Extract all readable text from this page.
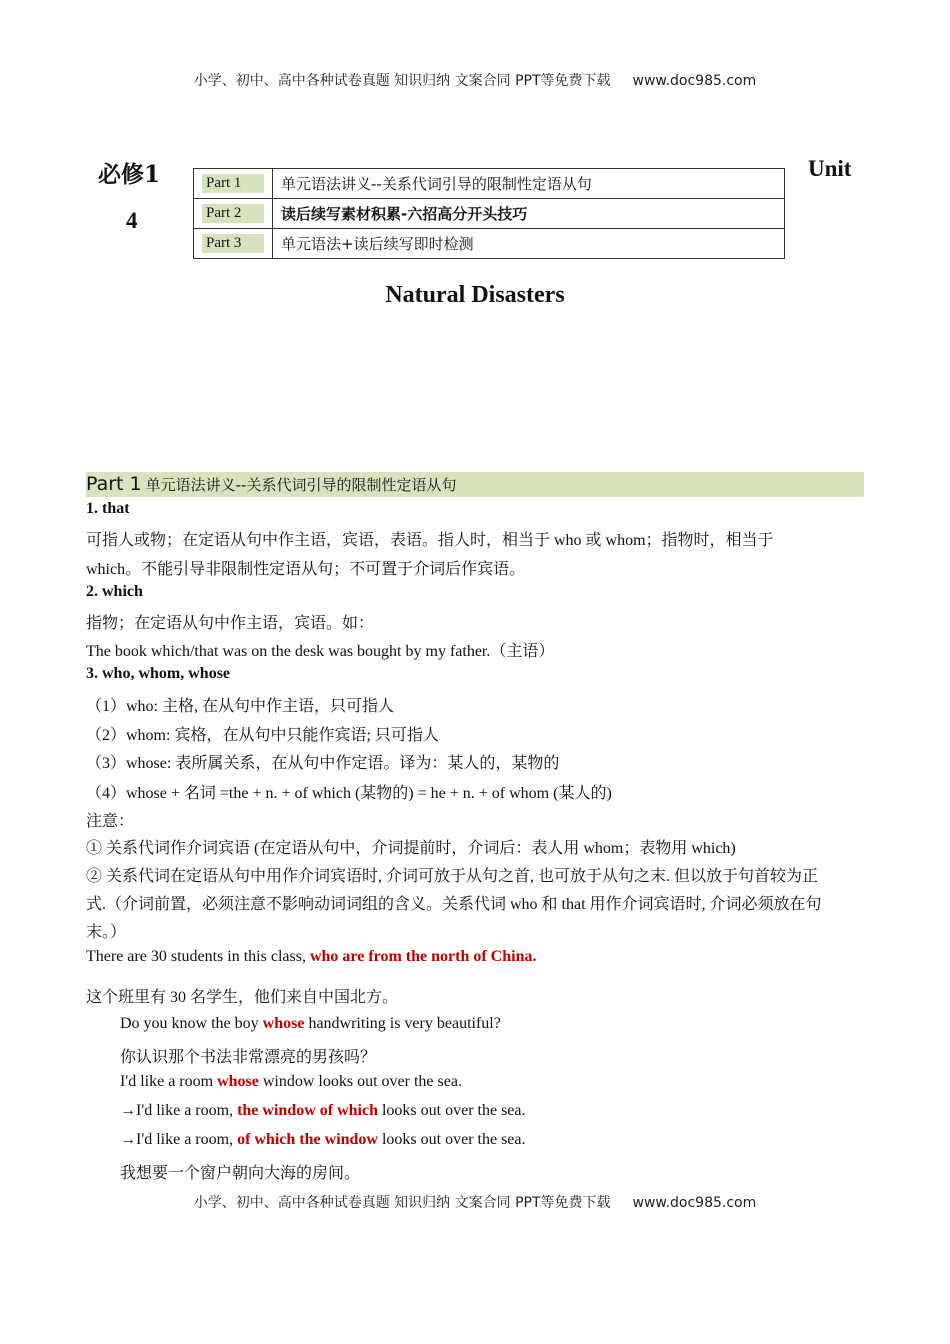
小学、初中、高中各种试卷真题 知识归纳 文案合同 PPT等免费下载 www.doc985.com
必修1
4
Unit
Part 1	单元语法讲义--关系代词引导的限制性定语从句

Part 2	读后续写素材积累-六招高分开头技巧

Part 3	单元语法+读后续写即时检测
Natural Disasters
Part 1 单元语法讲义--关系代词引导的限制性定语从句
1. that
可指人或物；在定语从句中作主语，宾语，表语。指人时，相当于 who 或 whom；指物时，相当于
which。不能引导非限制性定语从句；不可置于介词后作宾语。
2. which
指物；在定语从句中作主语，宾语。如：
The book which/that was on the desk was bought by my father.（主语）
3. who, whom, whose
（1）who: 主格, 在从句中作主语，只可指人
（2）whom: 宾格，在从句中只能作宾语; 只可指人
（3）whose: 表所属关系，在从句中作定语。译为：某人的，某物的
（4）whose + 名词 =the + n. + of which (某物的) = he + n. + of whom (某人的)
注意：
① 关系代词作介词宾语 (在定语从句中，介词提前时，介词后：表人用 whom；表物用 which)
② 关系代词在定语从句中用作介词宾语时, 介词可放于从句之首, 也可放于从句之末. 但以放于句首较为正
式.（介词前置，必须注意不影响动词词组的含义。关系代词 who 和 that 用作介词宾语时, 介词必须放在句
末。）
There are 30 students in this class, who are from the north of China.
这个班里有 30 名学生，他们来自中国北方。
Do you know the boy whose handwriting is very beautiful?
你认识那个书法非常漂亮的男孩吗？
I'd like a room whose window looks out over the sea.
→I'd like a room, the window of which looks out over the sea.
→I'd like a room, of which the window looks out over the sea.
我想要一个窗户朝向大海的房间。
小学、初中、高中各种试卷真题 知识归纳 文案合同 PPT等免费下载 www.doc985.com
